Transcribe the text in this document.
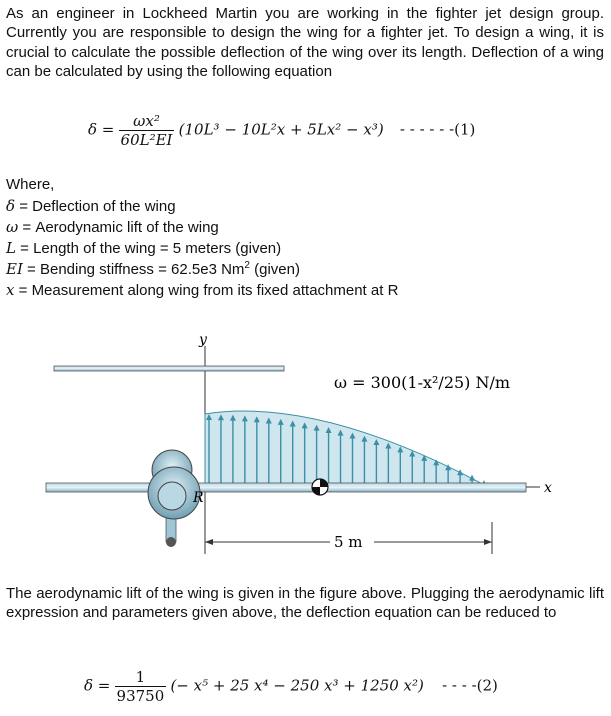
As an engineer in Lockheed Martin you are working in the fighter jet design group. Currently you are responsible to design the wing for a fighter jet. To design a wing, it is crucial to calculate the possible deflection of the wing over its length. Deflection of a wing can be calculated by using the following equation
$\delta = \frac{\text{ωx²}}{\text{60L²EI}} (10L^3 - 10L^2x + 5Lx^2 - x^3)$ - - - - - -(1)
Where,
δ = Deflection of the wing
ω = Aerodynamic lift of the wing
L = Length of the wing = 5 meters (given)
EI = Bending stiffness = 62.5e3 Nm$^2$ (given)
x = Measurement along wing from its fixed attachment at R
y
x
R
ω = 300(1-x²/25) N/m
5 m
The aerodynamic lift of the wing is given in the figure above. Plugging the aerodynamic lift expression and parameters given above, the deflection equation can be reduced to
$\delta = \frac{1}{93750}$ (− x⁵ + 25 x⁴ − 250 x³ + 1250 x²) - - - -(2)
